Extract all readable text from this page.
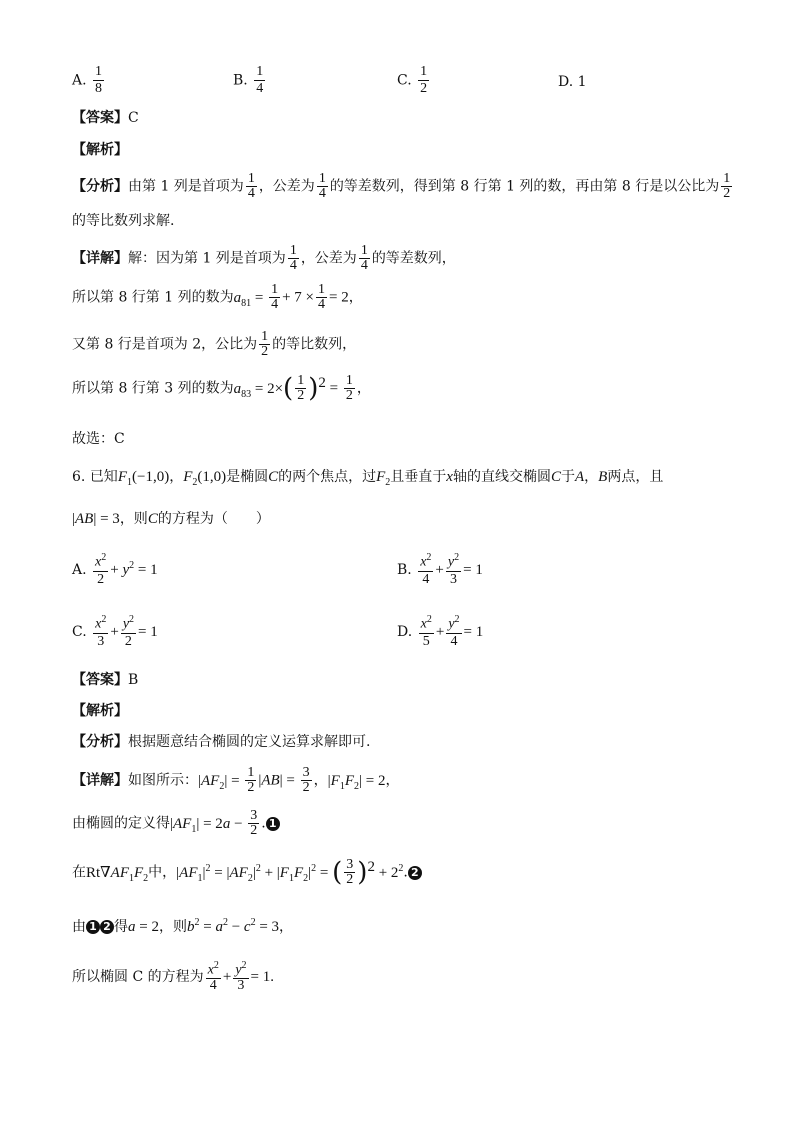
A. $\frac{1}{8}$	B. $\frac{1}{4}$	C. $\frac{1}{2}$	D. 1
【答案】C
【解析】
【分析】由第 1 列是首项为 $\frac{1}{4}$ ，公差为 $\frac{1}{4}$ 的等差数列，得到第 8 行第 1 列的数，再由第 8 行是以公比为 $\frac{1}{2}$
的等比数列求解.
【详解】解：因为第 1 列是首项为 $\frac{1}{4}$ ，公差为 $\frac{1}{4}$ 的等差数列，
所以第 8 行第 1 列的数为$a_{81} = \frac{1}{4} + 7 \times \frac{1}{4} = 2$，
又第 8 行是首项为 2，公比为 $\frac{1}{2}$ 的等比数列，
所以第 8 行第 3 列的数为$a_{83} = 2\times( \frac{1}{2} )^2 = \frac{1}{2}$ ，
故选：C
6. 已知$F_1(-1,0)$，$F_2(1,0)$是椭圆C的两个焦点，过$F_2$且垂直于x轴的直线交椭圆C于A，B两点，且
|AB| = 3，则C的方程为（　　）
A. $\frac{x^2}{2} + y^2 = 1$	B. $\frac{x^2}{4} + \frac{y^2}{3} = 1$
C. $\frac{x^2}{3} + \frac{y^2}{2} = 1$	D. $\frac{x^2}{5} + \frac{y^2}{4} = 1$
【答案】B
【解析】
【分析】根据题意结合椭圆的定义运算求解即可.
【详解】如图所示：$|AF_2| = \frac{1}{2} |AB| = \frac{3}{2}$ ，$|F_1F_2| = 2$，
由椭圆的定义得$|AF_1| = 2a - \frac{3}{2}$ . 1
在$Rt\nabla AF_1F_2$中，$|AF_1|^2 = |AF_2|^2 + |F_1F_2|^2$ = ( $\frac{3}{2} )^2 + 2^2$. 2
由 1 2 得a = 2，则$b^2 = a^2 - c^2 = 3$，
所以椭圆 C 的方程为 $\frac{x^2}{4} + \frac{y^2}{3} = 1$.
